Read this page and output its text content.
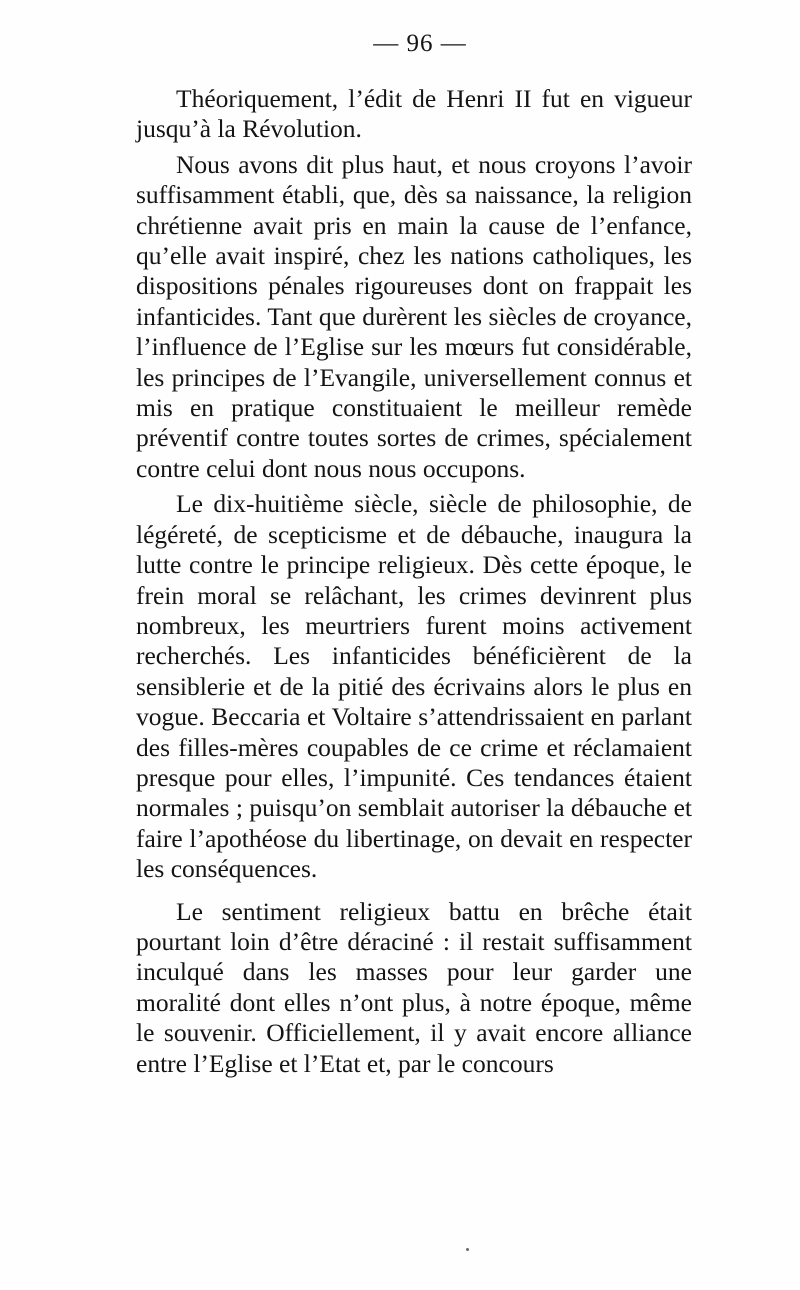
— 96 —

Théoriquement, l’édit de Henri II fut en vigueur jusqu’à la Révolution.

Nous avons dit plus haut, et nous croyons l’avoir suffisamment établi, que, dès sa naissance, la religion chrétienne avait pris en main la cause de l’enfance, qu’elle avait inspiré, chez les nations catholiques, les dispositions pénales rigoureuses dont on frappait les infanticides. Tant que durèrent les siècles de croyance, l’influence de l’Eglise sur les mœurs fut considérable, les principes de l’Evangile, universellement connus et mis en pratique constituaient le meilleur remède préventif contre toutes sortes de crimes, spécialement contre celui dont nous nous occupons.

Le dix-huitième siècle, siècle de philosophie, de légéreté, de scepticisme et de débauche, inaugura la lutte contre le principe religieux. Dès cette époque, le frein moral se relâchant, les crimes devinrent plus nombreux, les meurtriers furent moins activement recherchés. Les infanticides bénéficièrent de la sensiblerie et de la pitié des écrivains alors le plus en vogue. Beccaria et Voltaire s’attendrissaient en parlant des filles-mères coupables de ce crime et réclamaient presque pour elles, l’impunité. Ces tendances étaient normales ; puisqu’on semblait autoriser la débauche et faire l’apothéose du libertinage, on devait en respecter les conséquences.

Le sentiment religieux battu en brêche était pourtant loin d’être déraciné : il restait suffisamment inculqué dans les masses pour leur garder une moralité dont elles n’ont plus, à notre époque, même le souvenir. Officiellement, il y avait encore alliance entre l’Eglise et l’Etat et, par le concours
